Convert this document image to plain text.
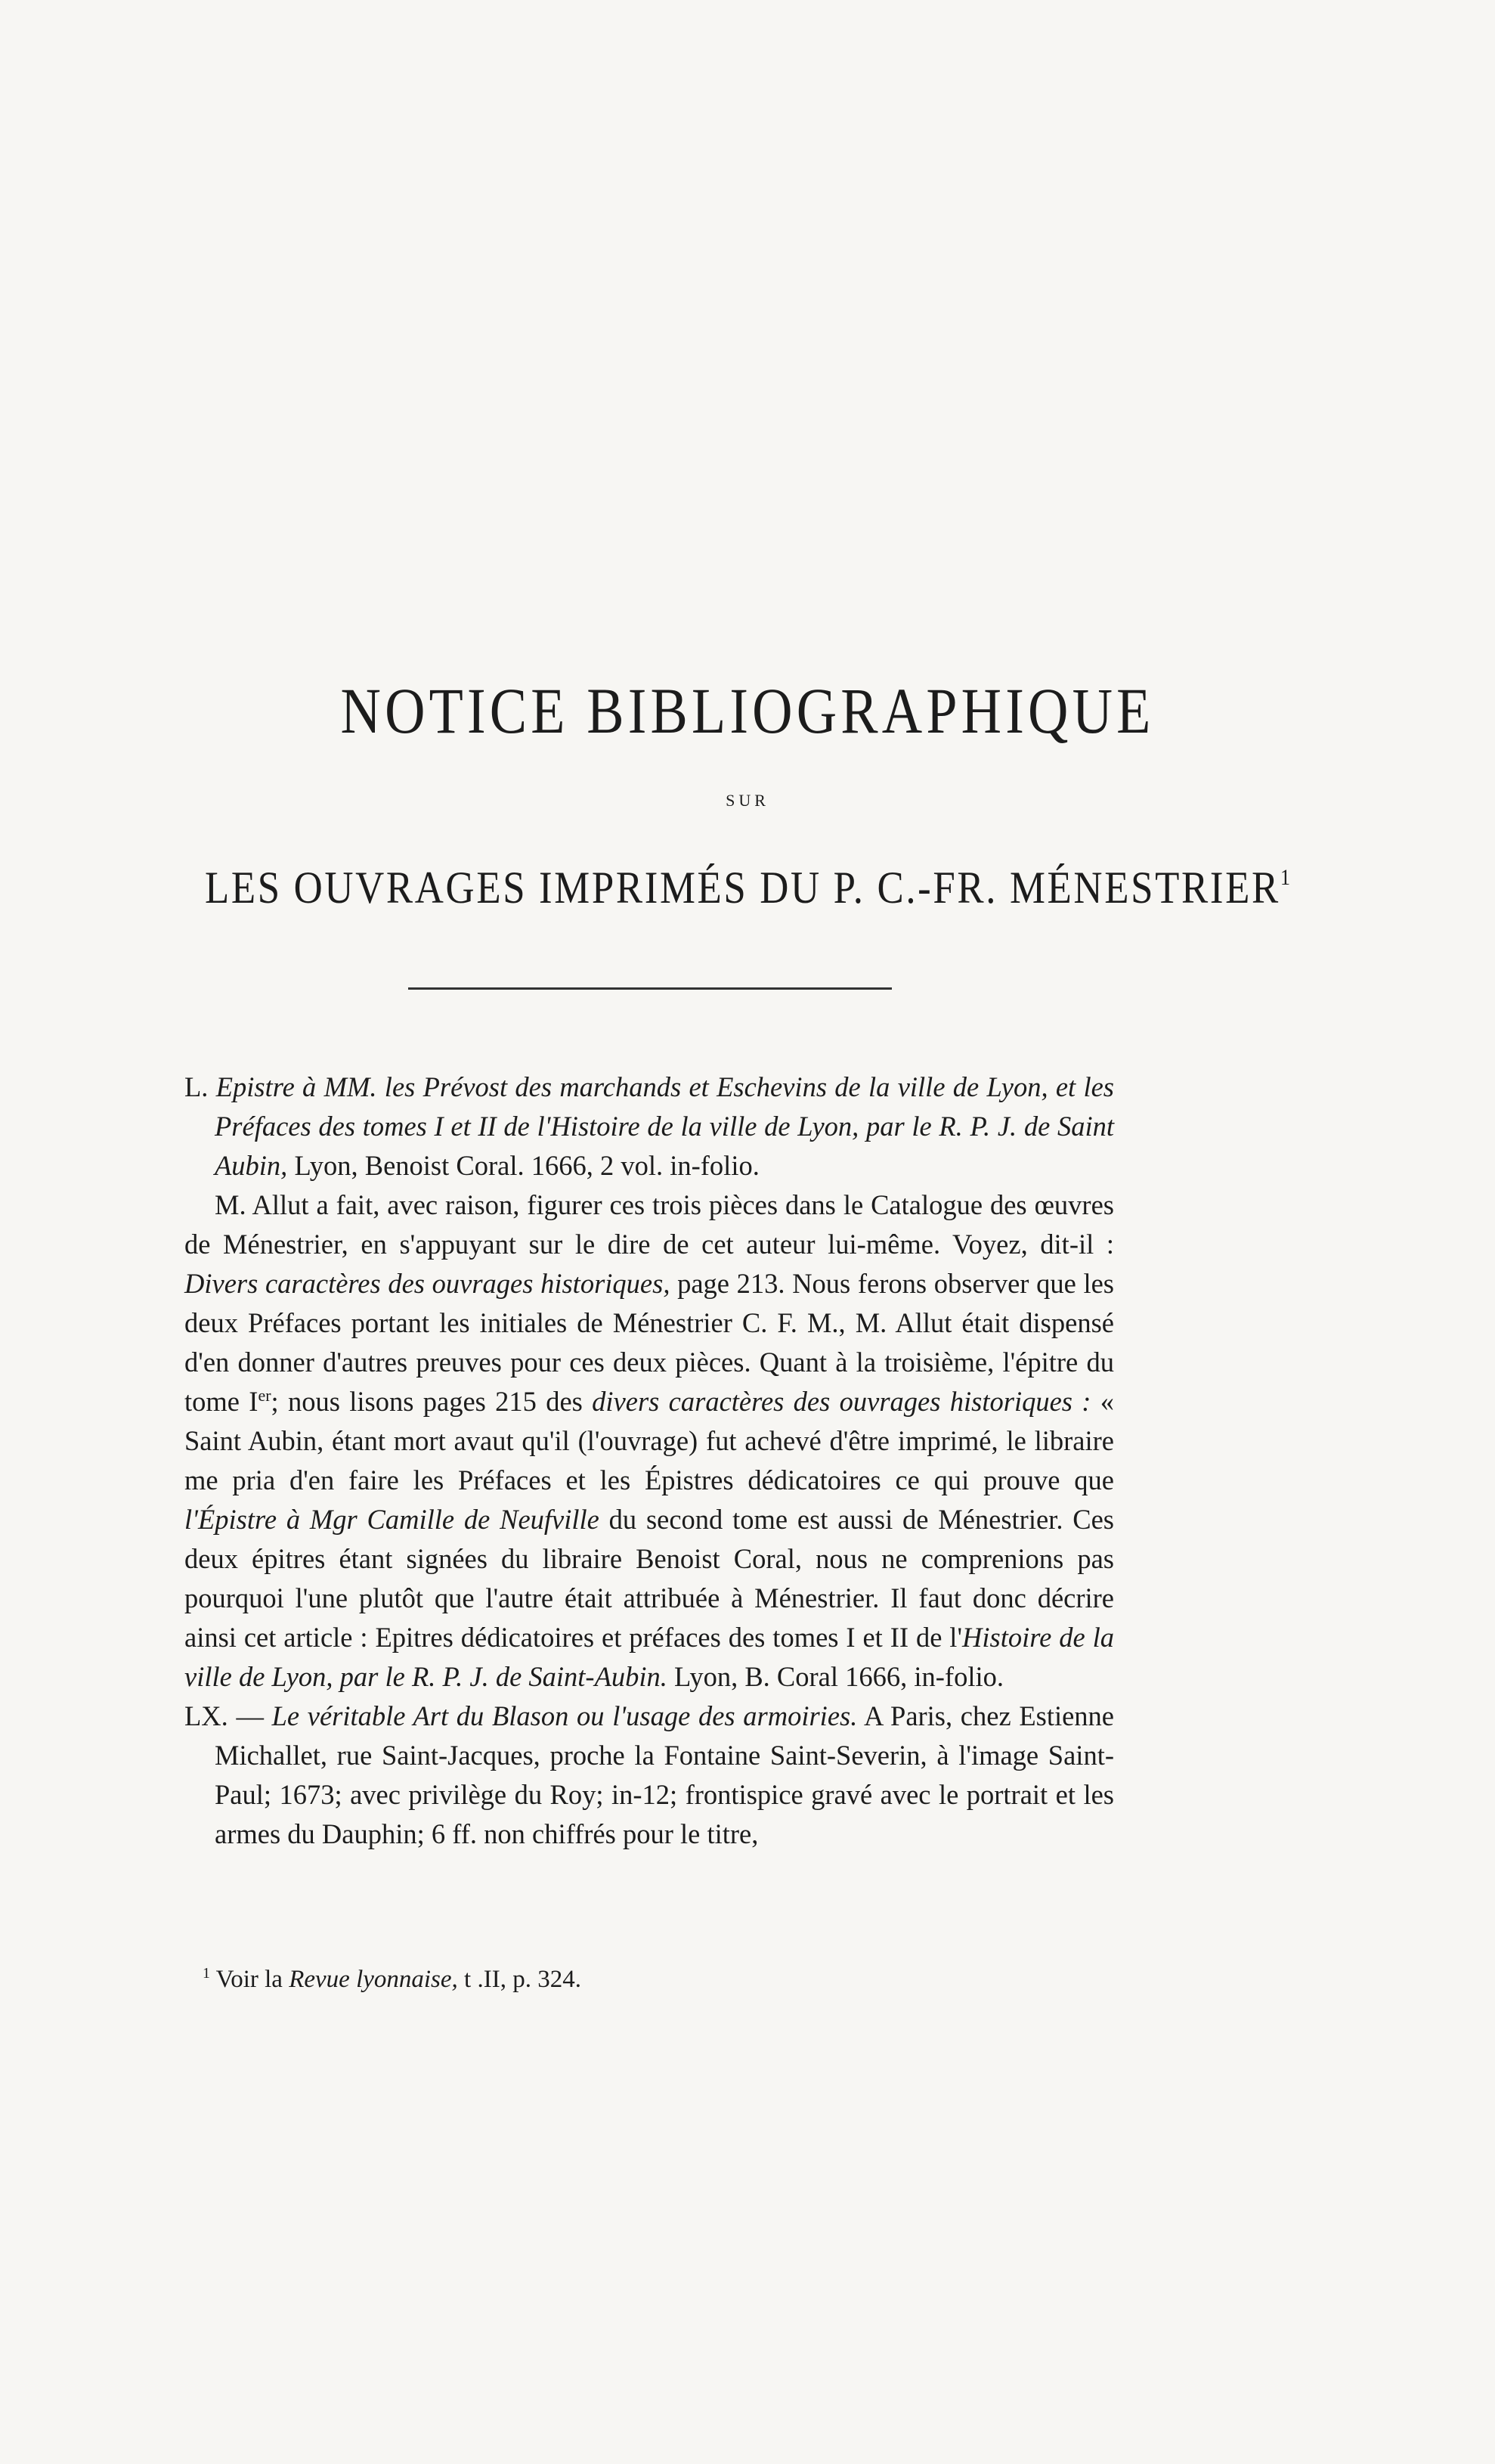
NOTICE BIBLIOGRAPHIQUE
SUR
LES OUVRAGES IMPRIMÉS DU P. C.-FR. MÉNESTRIER$^1$

L. Epistre à MM. les Prévost des marchands et Eschevins de la ville de Lyon, et les Préfaces des tomes I et II de l'Histoire de la ville de Lyon, par le R. P. J. de Saint Aubin, Lyon, Benoist Coral. 1666, 2 vol. in-folio.

M. Allut a fait, avec raison, figurer ces trois pièces dans le Catalogue des œuvres de Ménestrier, en s'appuyant sur le dire de cet auteur lui-même. Voyez, dit-il : Divers caractères des ouvrages historiques, page 213. Nous ferons observer que les deux Préfaces portant les initiales de Ménestrier C. F. M., M. Allut était dispensé d'en donner d'autres preuves pour ces deux pièces. Quant à la troisième, l'épitre du tome Ier; nous lisons pages 215 des divers caractères des ouvrages historiques : « Saint Aubin, étant mort avaut qu'il (l'ouvrage) fut achevé d'être imprimé, le libraire me pria d'en faire les Préfaces et les Épistres dédicatoires ce qui prouve que l'Épistre à Mgr Camille de Neufville du second tome est aussi de Ménestrier. Ces deux épitres étant signées du libraire Benoist Coral, nous ne comprenions pas pourquoi l'une plutôt que l'autre était attribuée à Ménestrier. Il faut donc décrire ainsi cet article : Epitres dédicatoires et préfaces des tomes I et II de l'Histoire de la ville de Lyon, par le R. P. J. de Saint-Aubin. Lyon, B. Coral 1666, in-folio.

LX. — Le véritable Art du Blason ou l'usage des armoiries. A Paris, chez Estienne Michallet, rue Saint-Jacques, proche la Fontaine Saint-Severin, à l'image Saint-Paul; 1673; avec privilège du Roy; in-12; frontispice gravé avec le portrait et les armes du Dauphin; 6 ff. non chiffrés pour le titre,

$^1$ Voir la Revue lyonnaise, t .II, p. 324.
